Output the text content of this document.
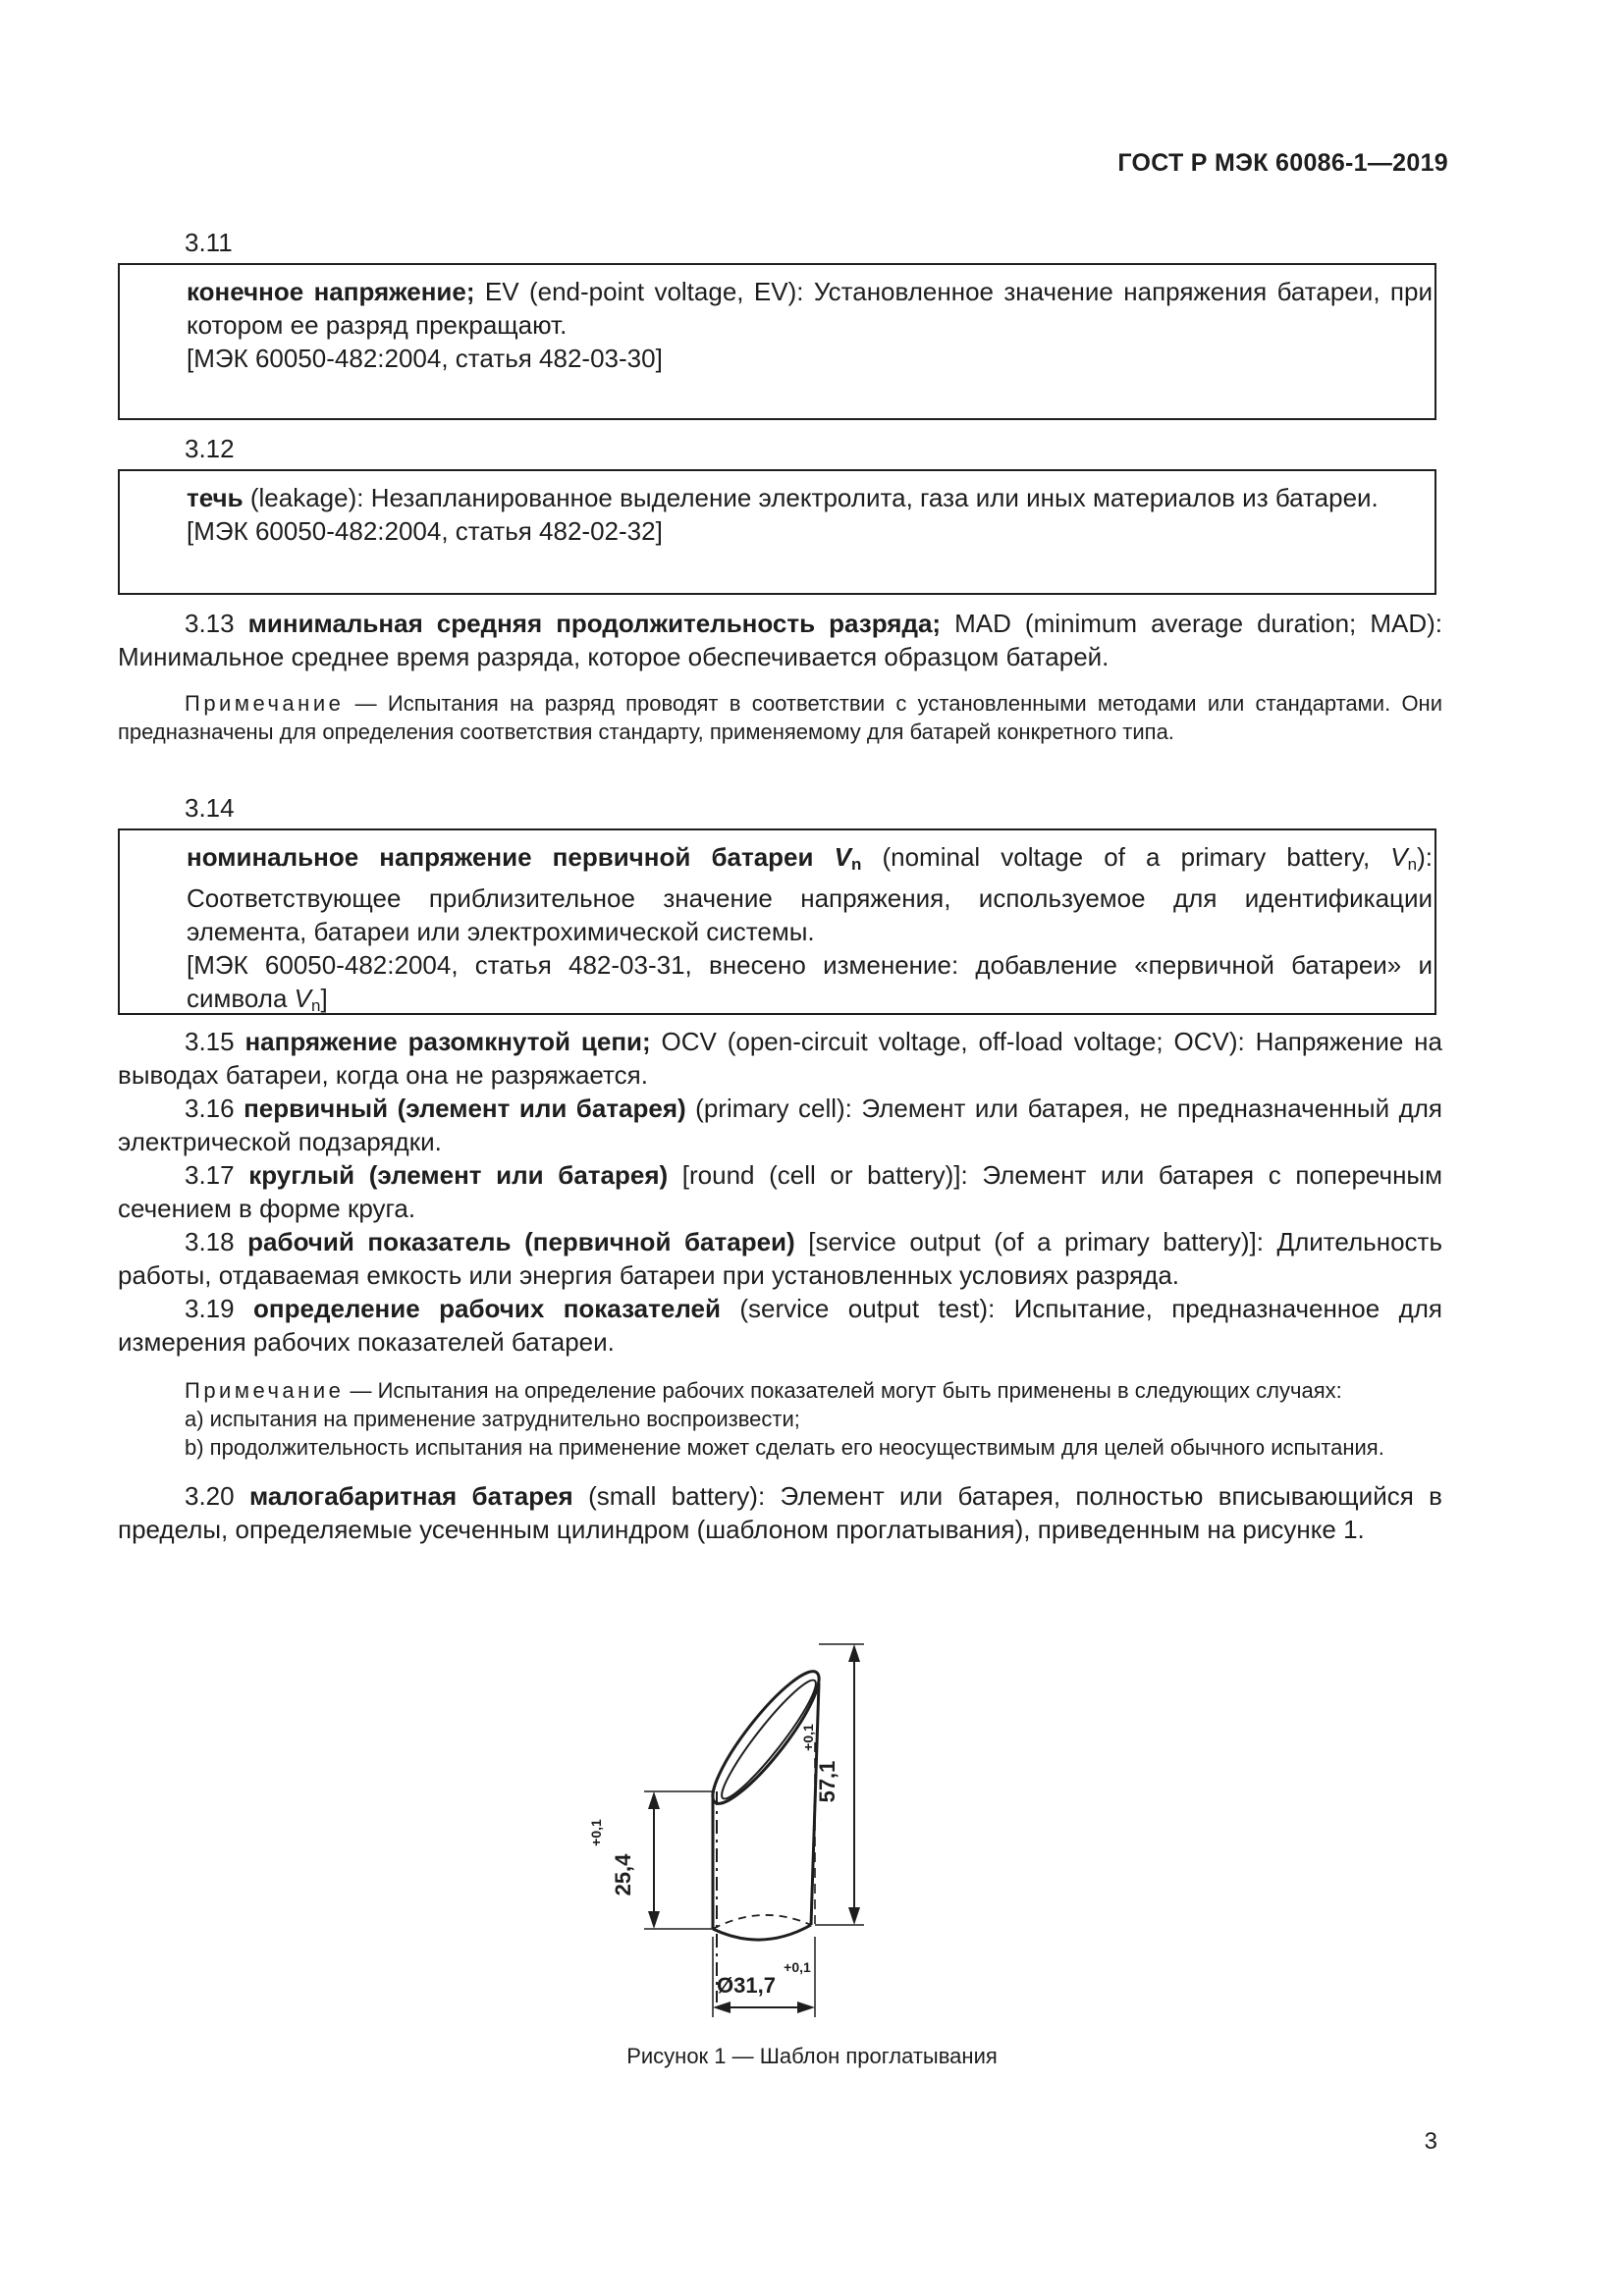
ГОСТ Р МЭК 60086-1—2019
3.11

конечное напряжение; EV (end-point voltage, EV): Установленное значение напряжения батареи, при котором ее разряд прекращают.

[МЭК 60050-482:2004, статья 482-03-30]

3.12

течь (leakage): Незапланированное выделение электролита, газа или иных материалов из батареи.

[МЭК 60050-482:2004, статья 482-02-32]

3.13 минимальная средняя продолжительность разряда; MAD (minimum average duration; MAD): Минимальное среднее время разряда, которое обеспечивается образцом батарей.

Примечание — Испытания на разряд проводят в соответствии с установленными методами или стандартами. Они предназначены для определения соответствия стандарту, применяемому для батарей конкретного типа.

3.14

номинальное напряжение первичной батареи $V_n$ (nominal voltage of a primary battery, $V_n$): Соответствующее приблизительное значение напряжения, используемое для идентификации элемента, батареи или электрохимической системы.

[МЭК 60050-482:2004, статья 482-03-31, внесено изменение: добавление «первичной батареи» и символа $V_n$]

3.15 напряжение разомкнутой цепи; OCV (open-circuit voltage, off-load voltage; OCV): Напряжение на выводах батареи, когда она не разряжается.

3.16 первичный (элемент или батарея) (primary cell): Элемент или батарея, не предназначенный для электрической подзарядки.

3.17 круглый (элемент или батарея) [round (cell or battery)]: Элемент или батарея с поперечным сечением в форме круга.

3.18 рабочий показатель (первичной батареи) [service output (of a primary battery)]: Длительность работы, отдаваемая емкость или энергия батареи при установленных условиях разряда.

3.19 определение рабочих показателей (service output test): Испытание, предназначенное для измерения рабочих показателей батареи.

Примечание — Испытания на определение рабочих показателей могут быть применены в следующих случаях:

a) испытания на применение затруднительно воспроизвести;

b) продолжительность испытания на применение может сделать его неосуществимым для целей обычного испытания.

3.20 малогабаритная батарея (small battery): Элемент или батарея, полностью вписывающийся в пределы, определяемые усеченным цилиндром (шаблоном проглатывания), приведенным на рисунке 1.

25,4
+0,1
57,1
+0,1
Ø31,7
+0,1
Рисунок 1 — Шаблон проглатывания
3
